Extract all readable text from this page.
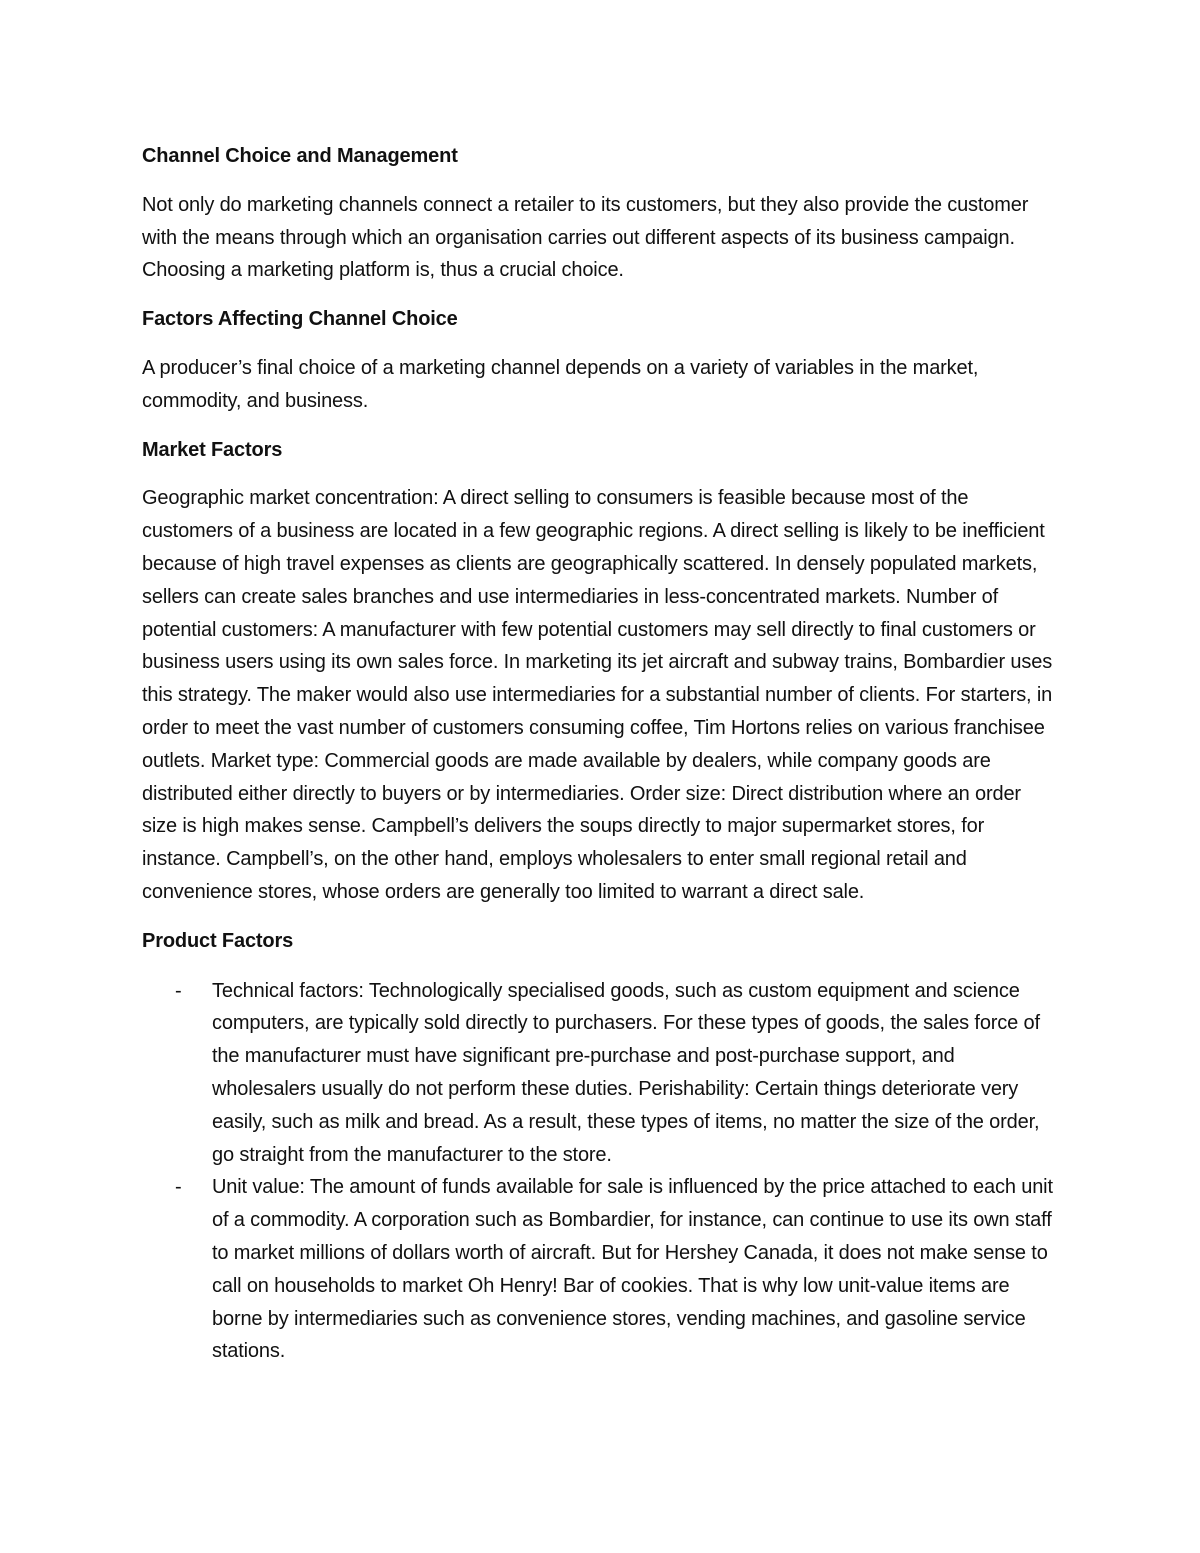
Channel Choice and Management

Not only do marketing channels connect a retailer to its customers, but they also provide the customer with the means through which an organisation carries out different aspects of its business campaign. Choosing a marketing platform is, thus a crucial choice.

Factors Affecting Channel Choice

A producer’s final choice of a marketing channel depends on a variety of variables in the market, commodity, and business.

Market Factors

Geographic market concentration: A direct selling to consumers is feasible because most of the customers of a business are located in a few geographic regions. A direct selling is likely to be inefficient because of high travel expenses as clients are geographically scattered. In densely populated markets, sellers can create sales branches and use intermediaries in less-concentrated markets. Number of potential customers: A manufacturer with few potential customers may sell directly to final customers or business users using its own sales force. In marketing its jet aircraft and subway trains, Bombardier uses this strategy. The maker would also use intermediaries for a substantial number of clients. For starters, in order to meet the vast number of customers consuming coffee, Tim Hortons relies on various franchisee outlets. Market type: Commercial goods are made available by dealers, while company goods are distributed either directly to buyers or by intermediaries. Order size: Direct distribution where an order size is high makes sense. Campbell’s delivers the soups directly to major supermarket stores, for instance. Campbell’s, on the other hand, employs wholesalers to enter small regional retail and convenience stores, whose orders are generally too limited to warrant a direct sale.

Product Factors

- Technical factors: Technologically specialised goods, such as custom equipment and science computers, are typically sold directly to purchasers. For these types of goods, the sales force of the manufacturer must have significant pre-purchase and post-purchase support, and wholesalers usually do not perform these duties. Perishability: Certain things deteriorate very easily, such as milk and bread. As a result, these types of items, no matter the size of the order, go straight from the manufacturer to the store.
- Unit value: The amount of funds available for sale is influenced by the price attached to each unit of a commodity. A corporation such as Bombardier, for instance, can continue to use its own staff to market millions of dollars worth of aircraft. But for Hershey Canada, it does not make sense to call on households to market Oh Henry! Bar of cookies. That is why low unit-value items are borne by intermediaries such as convenience stores, vending machines, and gasoline service stations.
